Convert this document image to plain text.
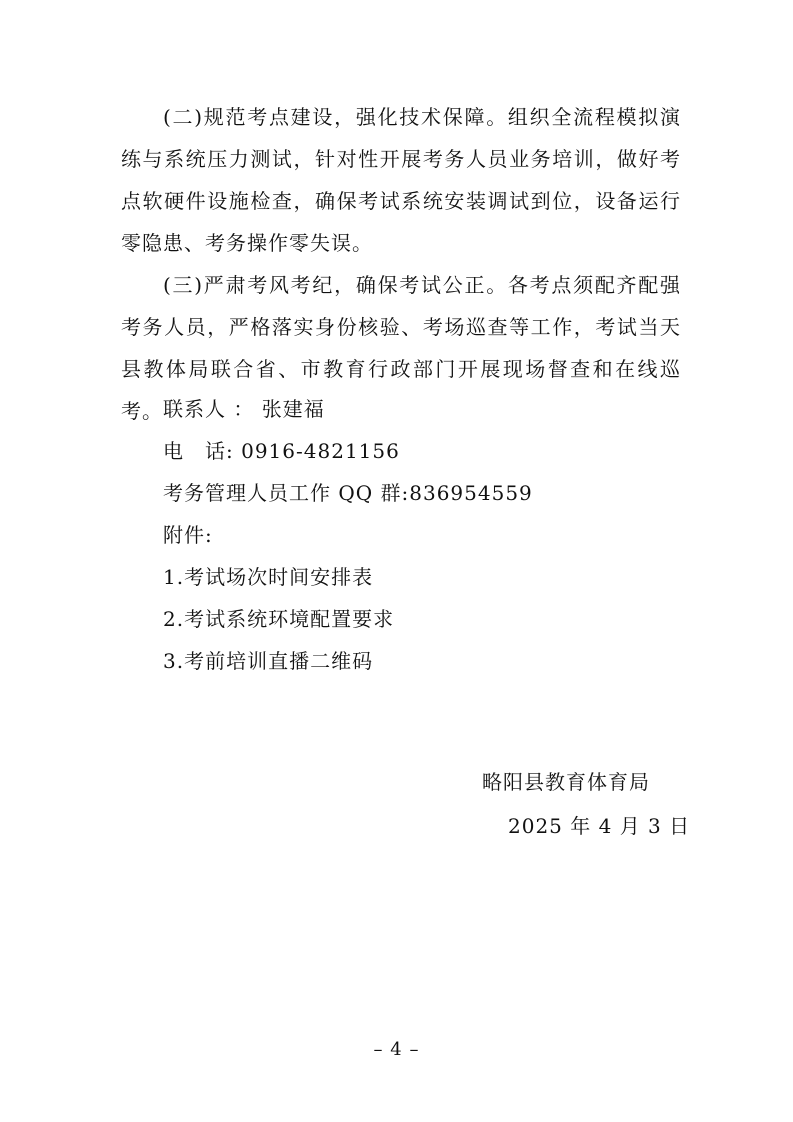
(二)规范考点建设，强化技术保障。组织全流程模拟演练与系统压力测试，针对性开展考务人员业务培训，做好考点软硬件设施检查，确保考试系统安装调试到位，设备运行零隐患、考务操作零失误。

(三)严肃考风考纪，确保考试公正。各考点须配齐配强考务人员，严格落实身份核验、考场巡查等工作，考试当天县教体局联合省、市教育行政部门开展现场督查和在线巡考。 联系人 ： 张建福
电　话: 0916-4821156
考务管理人员工作 QQ 群:836954559
附件:
1.考试场次时间安排表
2.考试系统环境配置要求
3.考前培训直播二维码
略阳县教育体育局
2025 年 4 月 3 日
– 4 –
